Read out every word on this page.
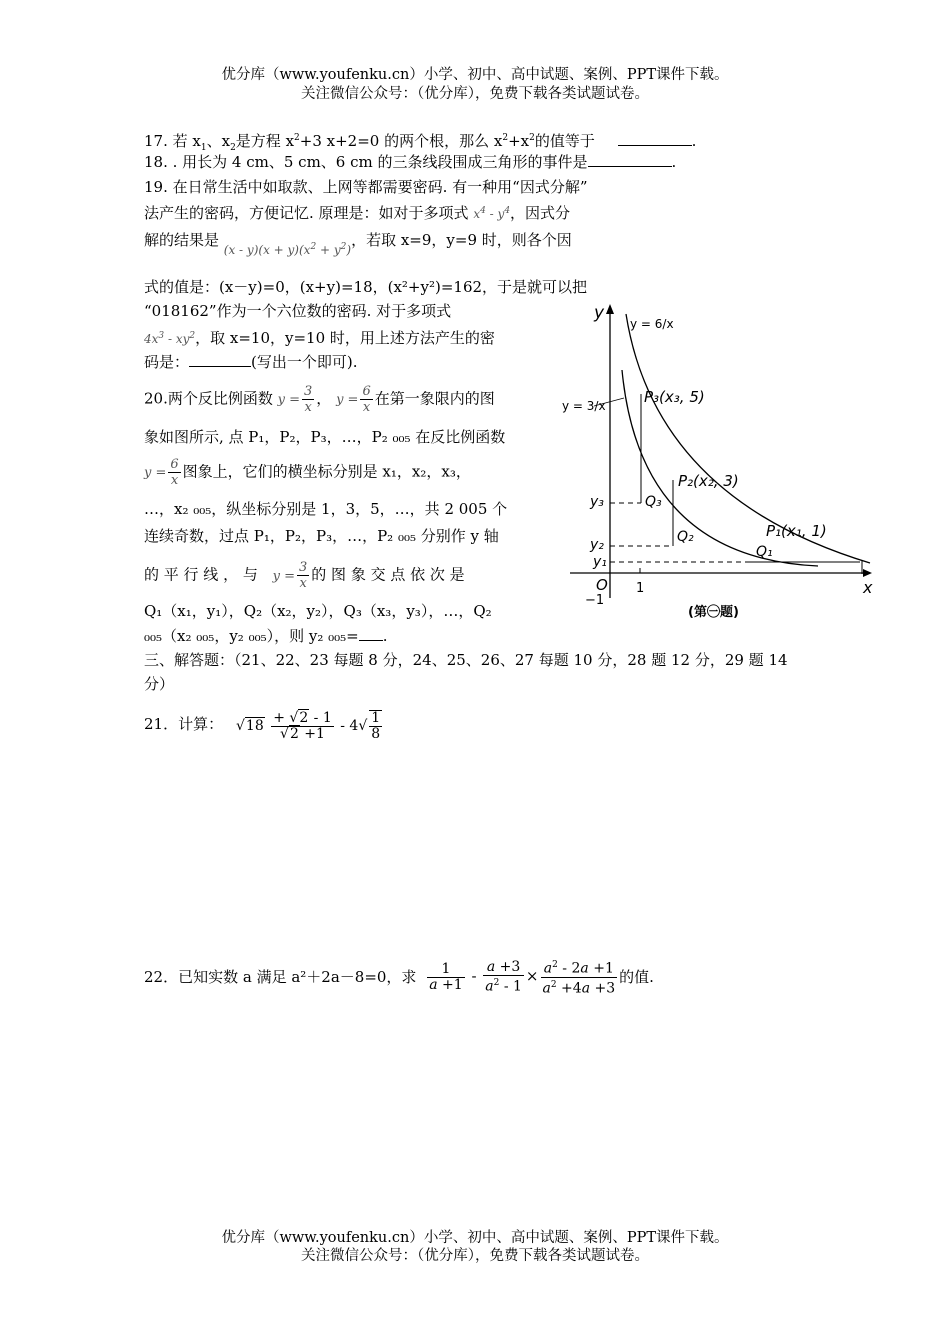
优分库（www.youfenku.cn）小学、初中、高中试题、案例、PPT课件下载。
关注微信公众号：（优分库），免费下载各类试题试卷。
17. 若 $x_1$、$x_2$是方程 $x^2+3$ x+2=0 的两个根，那么 $x^2+x^2$的值等于	.
18. . 用长为 4 cm、5 cm、6 cm 的三条线段围成三角形的事件是	.
19. 在日常生活中如取款、上网等都需要密码. 有一种用“因式分解”
法产生的密码，方便记忆. 原理是：如对于多项式 $x^4 - y^4$，因式分
解的结果是 $_{(x - y)(x + y)(x^2 + y^2)}$，若取 x=9，y=9 时，则各个因
式的值是：(x－y)=0，(x+y)=18，(x²+y²)=162，于是就可以把
“018162”作为一个六位数的密码. 对于多项式
$4x^3 - xy^2$，取 x=10，y=10 时，用上述方法产生的密
码是：	(写出一个即可).
20.两个反比例函数 $y = \frac{3}{x}$ ， $y = \frac{6}{x}$ 在第一象限内的图
象如图所示, 点 P₁，P₂，P₃，…，P₂ ₀₀₅ 在反比例函数
$y = \frac{6}{x}$ 图象上，它们的横坐标分别是 x₁，x₂，x₃，
…，x₂ ₀₀₅，纵坐标分别是 1，3，5，…，共 2 005 个
连续奇数，过点 P₁，P₂，P₃，…，P₂ ₀₀₅ 分别作 y 轴
的 平 行 线 ， 与 $y = \frac{3}{x}$ 的 图 象 交 点 依 次 是
Q₁（x₁，y₁），Q₂（x₂，y₂），Q₃（x₃，y₃），…，Q₂
₀₀₅（x₂ ₀₀₅，y₂ ₀₀₅），则 y₂ ₀₀₅= .
y
x
O
−1
1
y = 6/x
y = 3/x	P₃(x₃, 5)
P₂(x₂, 3)
P₁(x₁, 1)
Q₃
Q₂
Q₁
y₃
y₂
y₁
(第㊀题)
三、解答题：（21、22、23 每题 8 分，24、25、26、27 每题 10 分，28 题 12 分，29 题 14
分）
21．计算： $√18 \frac{+ √2 - 1}{√2 +1} - 4√ \frac{1}{8}$
22．已知实数 a 满足 a²＋2a－8=0，求 $\frac{1}{a +1} - \frac{a +3}{a^2 - 1} \times \frac{a^2 - 2a +1}{a^2 +4a +3}$ 的值.
优分库（www.youfenku.cn）小学、初中、高中试题、案例、PPT课件下载。
关注微信公众号：（优分库），免费下载各类试题试卷。
